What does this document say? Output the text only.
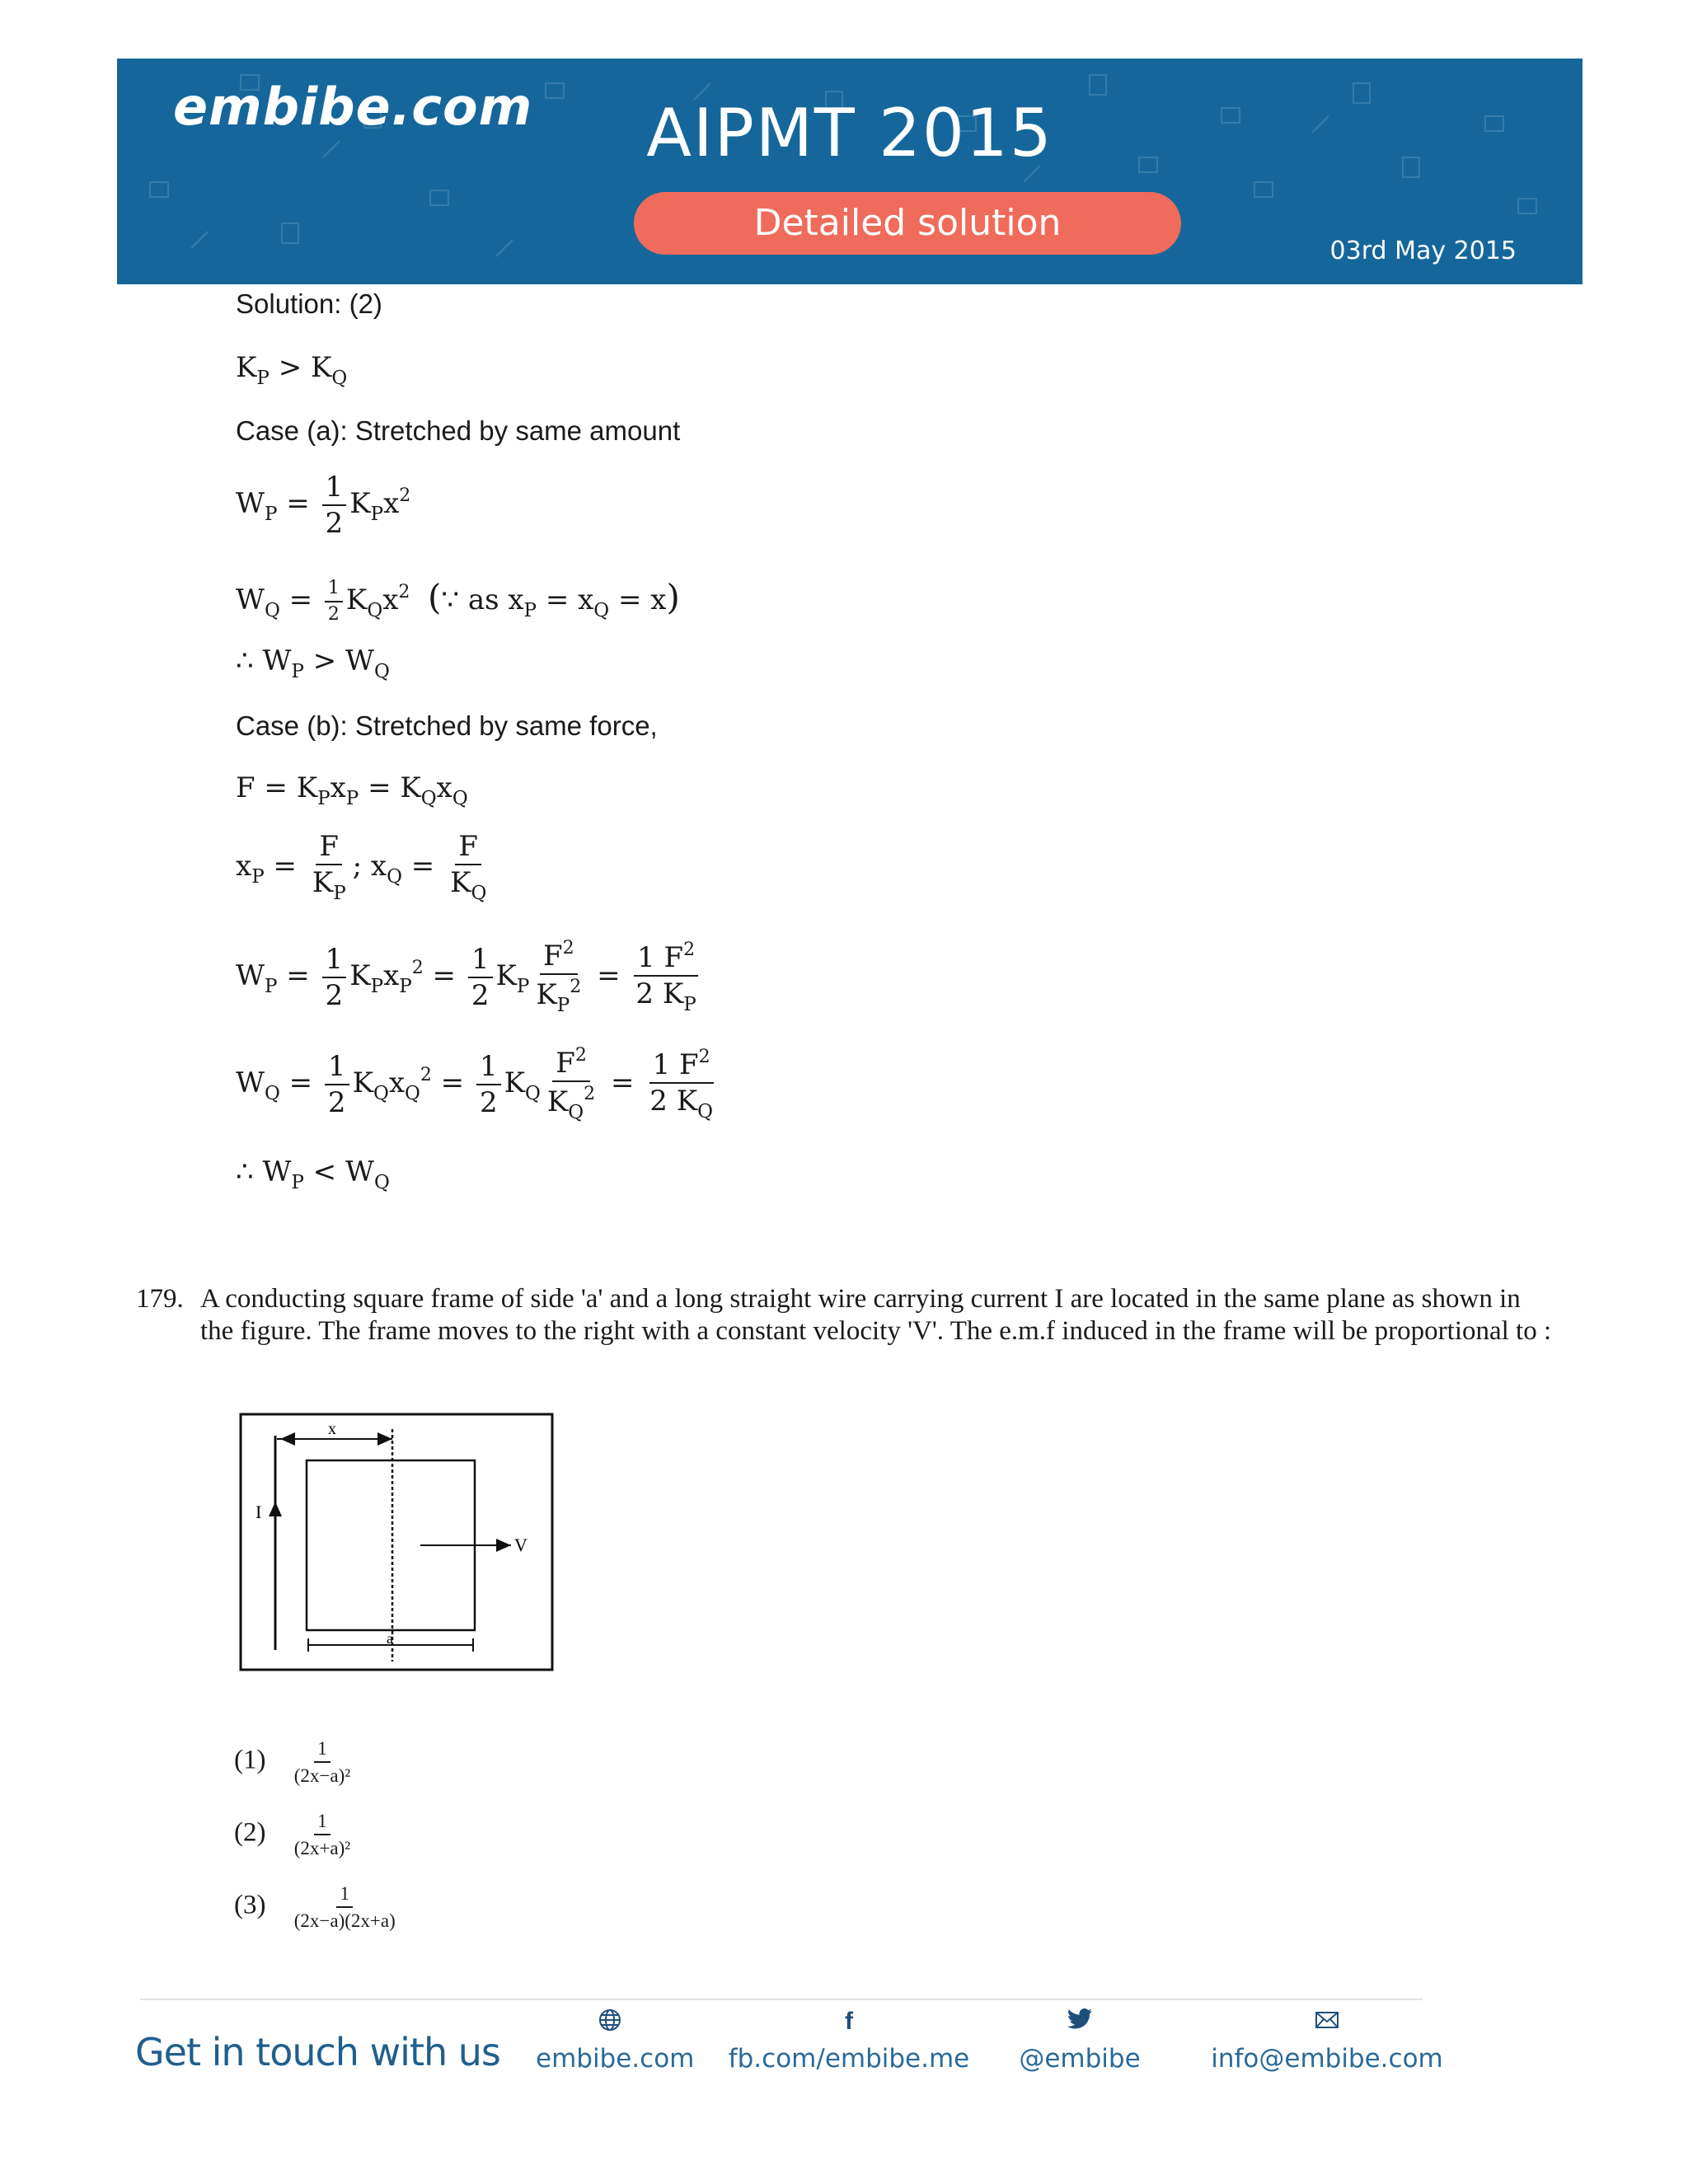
embibe.com	AIPMT 2015
Detailed solution
03rd May 2015
Solution: (2)
$K_P > K_Q$
Case (a): Stretched by same amount
$W_P = \frac{1}{2} K_Px^2$
$W_Q = \frac{1}{2} K_Qx^2$ (∵ as $x_P = x_Q = x$)
∴ $W_P > W_Q$
Case (b): Stretched by same force,
$F = K_Px_P = K_Qx_Q$
$x_P = \frac{F}{K_P}$ ; $x_Q = \frac{F}{K_Q}$
$W_P = \frac{1}{2} K_Px_P^2 = \frac{1}{2} K_P \frac{F^2}{K_P^2} = \frac{1 F^2}{2 K_P}$
$W_Q = \frac{1}{2} K_Qx_Q^2 = \frac{1}{2} K_Q \frac{F^2}{K_Q^2} = \frac{1 F^2}{2 K_Q}$
∴ $W_P < W_Q$
179. A conducting square frame of side 'a' and a long straight wire carrying current I are located in the same plane as shown in the figure. The frame moves to the right with a constant velocity 'V'. The e.m.f induced in the frame will be proportional to :
I
x
V
a
$(1) \frac{1}{\text{(2x−a)²}}$
$(2) \frac{1}{\text{(2x+a)²}}$
$(3) \frac{1}{(2x-a)(2x+a)}$
Get in touch with us embibe.com
f
fb.com/embibe.me @embibe	info@embibe.com
